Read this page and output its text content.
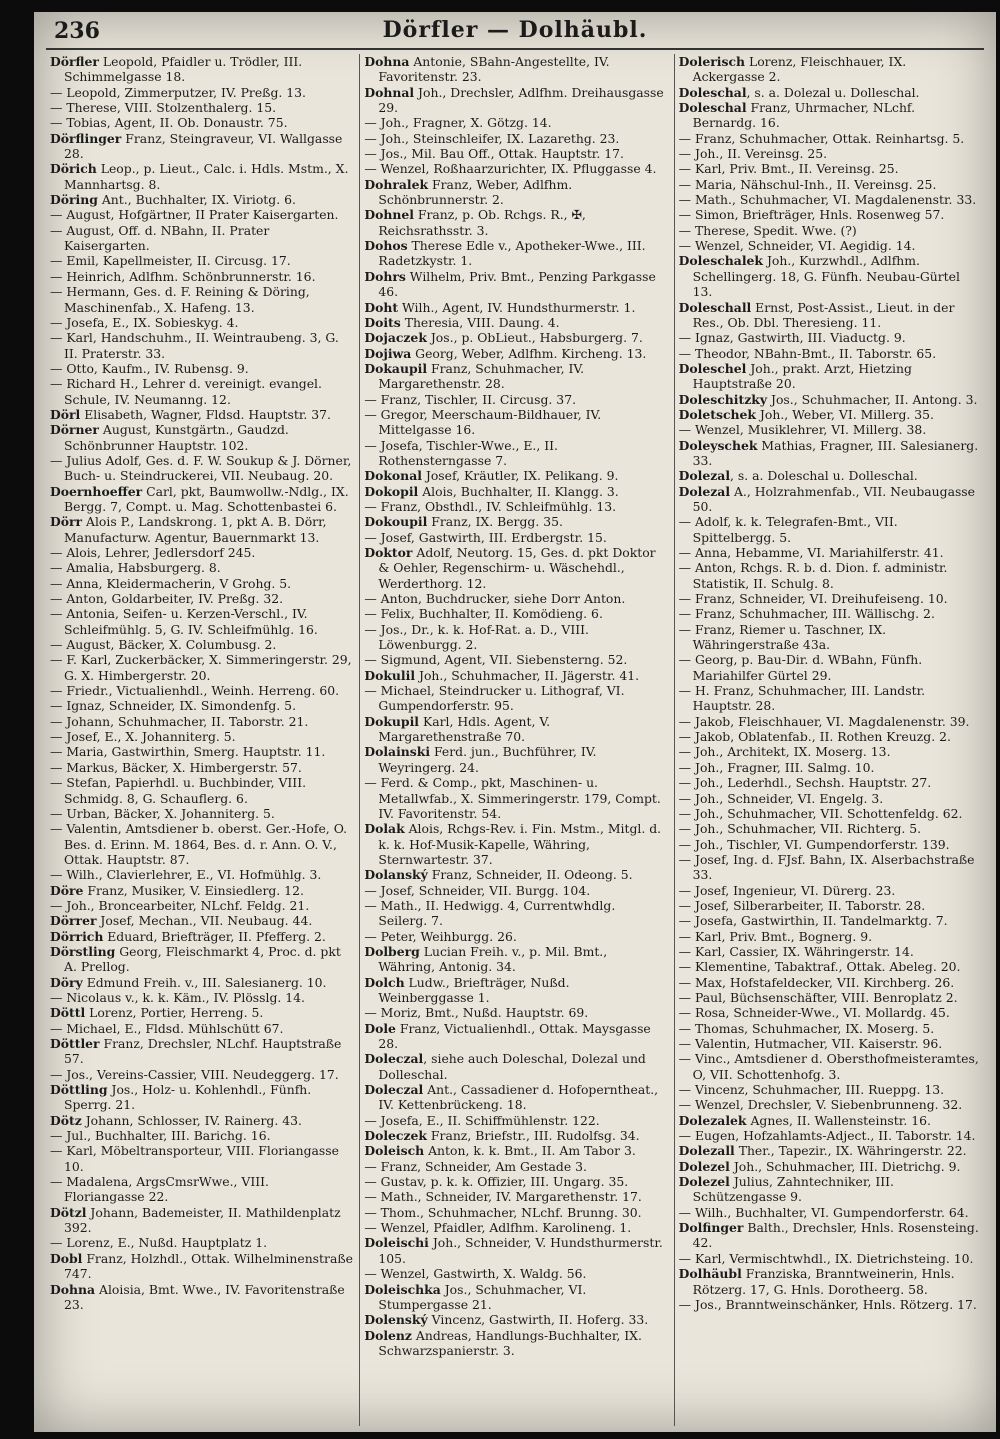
236	Dörfler — Dolhäubl.

Dörfler Leopold, Pfaidler u. Trödler, III. Schimmelgasse 18.

— Leopold, Zimmerputzer, IV. Preßg. 13.

— Therese, VIII. Stolzenthalerg. 15.

— Tobias, Agent, II. Ob. Donaustr. 75.

Dörflinger Franz, Steingraveur, VI. Wallgasse 28.

Dörich Leop., p. Lieut., Calc. i. Hdls. Mstm., X. Mannhartsg. 8.

Döring Ant., Buchhalter, IX. Viriotg. 6.

— August, Hofgärtner, II Prater Kaisergarten.

— August, Off. d. NBahn, II. Prater Kaisergarten.

— Emil, Kapellmeister, II. Circusg. 17.

— Heinrich, Adlfhm. Schönbrunnerstr. 16.

— Hermann, Ges. d. F. Reining & Döring, Maschinenfab., X. Hafeng. 13.

— Josefa, E., IX. Sobieskyg. 4.

— Karl, Handschuhm., II. Weintraubeng. 3, G. II. Praterstr. 33.

— Otto, Kaufm., IV. Rubensg. 9.

— Richard H., Lehrer d. vereinigt. evangel. Schule, IV. Neumanng. 12.

Dörl Elisabeth, Wagner, Fldsd. Hauptstr. 37.

Dörner August, Kunstgärtn., Gaudzd. Schönbrunner Hauptstr. 102.

— Julius Adolf, Ges. d. F. W. Soukup & J. Dörner, Buch- u. Steindruckerei, VII. Neubaug. 20.

Doernhoeffer Carl, pkt, Baumwollw.-Ndlg., IX. Bergg. 7, Compt. u. Mag. Schottenbastei 6.

Dörr Alois P., Landskrong. 1, pkt A. B. Dörr, Manufacturw. Agentur, Bauernmarkt 13.

— Alois, Lehrer, Jedlersdorf 245.

— Amalia, Habsburgerg. 8.

— Anna, Kleidermacherin, V Grohg. 5.

— Anton, Goldarbeiter, IV. Preßg. 32.

— Antonia, Seifen- u. Kerzen-Verschl., IV. Schleifmühlg. 5, G. IV. Schleifmühlg. 16.

— August, Bäcker, X. Columbusg. 2.

— F. Karl, Zuckerbäcker, X. Simmeringerstr. 29, G. X. Himbergerstr. 20.

— Friedr., Victualienhdl., Weinh. Herreng. 60.

— Ignaz, Schneider, IX. Simondenfg. 5.

— Johann, Schuhmacher, II. Taborstr. 21.

— Josef, E., X. Johanniterg. 5.

— Maria, Gastwirthin, Smerg. Hauptstr. 11.

— Markus, Bäcker, X. Himbergerstr. 57.

— Stefan, Papierhdl. u. Buchbinder, VIII. Schmidg. 8, G. Schauflerg. 6.

— Urban, Bäcker, X. Johanniterg. 5.

— Valentin, Amtsdiener b. oberst. Ger.-Hofe, O. Bes. d. Erinn. M. 1864, Bes. d. r. Ann. O. V., Ottak. Hauptstr. 87.

— Wilh., Clavierlehrer, E., VI. Hofmühlg. 3.

Döre Franz, Musiker, V. Einsiedlerg. 12.

— Joh., Broncearbeiter, NLchf. Feldg. 21.

Dörrer Josef, Mechan., VII. Neubaug. 44.

Dörrich Eduard, Briefträger, II. Pfefferg. 2.

Dörstling Georg, Fleischmarkt 4, Proc. d. pkt A. Prellog.

Döry Edmund Freih. v., III. Salesianerg. 10.

— Nicolaus v., k. k. Käm., IV. Plösslg. 14.

Döttl Lorenz, Portier, Herreng. 5.

— Michael, E., Fldsd. Mühlschütt 67.

Döttler Franz, Drechsler, NLchf. Hauptstraße 57.

— Jos., Vereins-Cassier, VIII. Neudeggerg. 17.

Döttling Jos., Holz- u. Kohlenhdl., Fünfh. Sperrg. 21.

Dötz Johann, Schlosser, IV. Rainerg. 43.

— Jul., Buchhalter, III. Barichg. 16.

— Karl, Möbeltransporteur, VIII. Floriangasse 10.

— Madalena, ArgsCmsrWwe., VIII. Floriangasse 22.

Dötzl Johann, Bademeister, II. Mathildenplatz 392.

— Lorenz, E., Nußd. Hauptplatz 1.

Dobl Franz, Holzhdl., Ottak. Wilhelminenstraße 747.

Dohna Aloisia, Bmt. Wwe., IV. Favoritenstraße 23.

Dohna Antonie, SBahn-Angestellte, IV. Favoritenstr. 23.

Dohnal Joh., Drechsler, Adlfhm. Dreihausgasse 29.

— Joh., Fragner, X. Götzg. 14.

— Joh., Steinschleifer, IX. Lazarethg. 23.

— Jos., Mil. Bau Off., Ottak. Hauptstr. 17.

— Wenzel, Roßhaarzurichter, IX. Pfluggasse 4.

Dohralek Franz, Weber, Adlfhm. Schönbrunnerstr. 2.

Dohnel Franz, p. Ob. Rchgs. R., ✠, Reichsrathsstr. 3.

Dohos Therese Edle v., Apotheker-Wwe., III. Radetzkystr. 1.

Dohrs Wilhelm, Priv. Bmt., Penzing Parkgasse 46.

Doht Wilh., Agent, IV. Hundsthurmerstr. 1.

Doits Theresia, VIII. Daung. 4.

Dojaczek Jos., p. ObLieut., Habsburgerg. 7.

Dojiwa Georg, Weber, Adlfhm. Kircheng. 13.

Dokaupil Franz, Schuhmacher, IV. Margarethenstr. 28.

— Franz, Tischler, II. Circusg. 37.

— Gregor, Meerschaum-Bildhauer, IV. Mittelgasse 16.

— Josefa, Tischler-Wwe., E., II. Rothensterngasse 7.

Dokonal Josef, Kräutler, IX. Pelikang. 9.

Dokopil Alois, Buchhalter, II. Klangg. 3.

— Franz, Obsthdl., IV. Schleifmühlg. 13.

Dokoupil Franz, IX. Bergg. 35.

— Josef, Gastwirth, III. Erdbergstr. 15.

Doktor Adolf, Neutorg. 15, Ges. d. pkt Doktor & Oehler, Regenschirm- u. Wäschehdl., Werderthorg. 12.

— Anton, Buchdrucker, siehe Dorr Anton.

— Felix, Buchhalter, II. Komödieng. 6.

— Jos., Dr., k. k. Hof-Rat. a. D., VIII. Löwenburgg. 2.

— Sigmund, Agent, VII. Siebensterng. 52.

Dokulil Joh., Schuhmacher, II. Jägerstr. 41.

— Michael, Steindrucker u. Lithograf, VI. Gumpendorferstr. 95.

Dokupil Karl, Hdls. Agent, V. Margarethenstraße 70.

Dolainski Ferd. jun., Buchführer, IV. Weyringerg. 24.

— Ferd. & Comp., pkt, Maschinen- u. Metallwfab., X. Simmeringerstr. 179, Compt. IV. Favoritenstr. 54.

Dolak Alois, Rchgs-Rev. i. Fin. Mstm., Mitgl. d. k. k. Hof-Musik-Kapelle, Währing, Sternwartestr. 37.

Dolanský Franz, Schneider, II. Odeong. 5.

— Josef, Schneider, VII. Burgg. 104.

— Math., II. Hedwigg. 4, Currentwhdlg. Seilerg. 7.

— Peter, Weihburgg. 26.

Dolberg Lucian Freih. v., p. Mil. Bmt., Währing, Antonig. 34.

Dolch Ludw., Briefträger, Nußd. Weinberggasse 1.

— Moriz, Bmt., Nußd. Hauptstr. 69.

Dole Franz, Victualienhdl., Ottak. Maysgasse 28.

Doleczal, siehe auch Doleschal, Dolezal und Dolleschal.

Doleczal Ant., Cassadiener d. Hofoperntheat., IV. Kettenbrückeng. 18.

— Josefa, E., II. Schiffmühlenstr. 122.

Doleczek Franz, Briefstr., III. Rudolfsg. 34.

Doleisch Anton, k. k. Bmt., II. Am Tabor 3.

— Franz, Schneider, Am Gestade 3.

— Gustav, p. k. k. Offizier, III. Ungarg. 35.

— Math., Schneider, IV. Margarethenstr. 17.

— Thom., Schuhmacher, NLchf. Brunng. 30.

— Wenzel, Pfaidler, Adlfhm. Karolineng. 1.

Doleischi Joh., Schneider, V. Hundsthurmerstr. 105.

— Wenzel, Gastwirth, X. Waldg. 56.

Doleischka Jos., Schuhmacher, VI. Stumpergasse 21.

Dolenský Vincenz, Gastwirth, II. Hoferg. 33.

Dolenz Andreas, Handlungs-Buchhalter, IX. Schwarzspanierstr. 3.

Dolerisch Lorenz, Fleischhauer, IX. Ackergasse 2.

Doleschal, s. a. Dolezal u. Dolleschal.

Doleschal Franz, Uhrmacher, NLchf. Bernardg. 16.

— Franz, Schuhmacher, Ottak. Reinhartsg. 5.

— Joh., II. Vereinsg. 25.

— Karl, Priv. Bmt., II. Vereinsg. 25.

— Maria, Nähschul-Inh., II. Vereinsg. 25.

— Math., Schuhmacher, VI. Magdalenenstr. 33.

— Simon, Briefträger, Hnls. Rosenweg 57.

— Therese, Spedit. Wwe. (?)

— Wenzel, Schneider, VI. Aegidig. 14.

Doleschalek Joh., Kurzwhdl., Adlfhm. Schellingerg. 18, G. Fünfh. Neubau-Gürtel 13.

Doleschall Ernst, Post-Assist., Lieut. in der Res., Ob. Dbl. Theresieng. 11.

— Ignaz, Gastwirth, III. Viaductg. 9.

— Theodor, NBahn-Bmt., II. Taborstr. 65.

Doleschel Joh., prakt. Arzt, Hietzing Hauptstraße 20.

Doleschitzky Jos., Schuhmacher, II. Antong. 3.

Doletschek Joh., Weber, VI. Millerg. 35.

— Wenzel, Musiklehrer, VI. Millerg. 38.

Doleyschek Mathias, Fragner, III. Salesianerg. 33.

Dolezal, s. a. Doleschal u. Dolleschal.

Dolezal A., Holzrahmenfab., VII. Neubaugasse 50.

— Adolf, k. k. Telegrafen-Bmt., VII. Spittelbergg. 5.

— Anna, Hebamme, VI. Mariahilferstr. 41.

— Anton, Rchgs. R. b. d. Dion. f. administr. Statistik, II. Schulg. 8.

— Franz, Schneider, VI. Dreihufeiseng. 10.

— Franz, Schuhmacher, III. Wällischg. 2.

— Franz, Riemer u. Taschner, IX. Währingerstraße 43a.

— Georg, p. Bau-Dir. d. WBahn, Fünfh. Mariahilfer Gürtel 29.

— H. Franz, Schuhmacher, III. Landstr. Hauptstr. 28.

— Jakob, Fleischhauer, VI. Magdalenenstr. 39.

— Jakob, Oblatenfab., II. Rothen Kreuzg. 2.

— Joh., Architekt, IX. Moserg. 13.

— Joh., Fragner, III. Salmg. 10.

— Joh., Lederhdl., Sechsh. Hauptstr. 27.

— Joh., Schneider, VI. Engelg. 3.

— Joh., Schuhmacher, VII. Schottenfeldg. 62.

— Joh., Schuhmacher, VII. Richterg. 5.

— Joh., Tischler, VI. Gumpendorferstr. 139.

— Josef, Ing. d. FJsf. Bahn, IX. Alserbachstraße 33.

— Josef, Ingenieur, VI. Dürerg. 23.

— Josef, Silberarbeiter, II. Taborstr. 28.

— Josefa, Gastwirthin, II. Tandelmarktg. 7.

— Karl, Priv. Bmt., Bognerg. 9.

— Karl, Cassier, IX. Währingerstr. 14.

— Klementine, Tabaktraf., Ottak. Abeleg. 20.

— Max, Hofstafeldecker, VII. Kirchberg. 26.

— Paul, Büchsenschäfter, VIII. Benroplatz 2.

— Rosa, Schneider-Wwe., VI. Mollardg. 45.

— Thomas, Schuhmacher, IX. Moserg. 5.

— Valentin, Hutmacher, VII. Kaiserstr. 96.

— Vinc., Amtsdiener d. Obersthofmeisteramtes, O, VII. Schottenhofg. 3.

— Vincenz, Schuhmacher, III. Rueppg. 13.

— Wenzel, Drechsler, V. Siebenbrunneng. 32.

Dolezalek Agnes, II. Wallensteinstr. 16.

— Eugen, Hofzahlamts-Adject., II. Taborstr. 14.

Dolezall Ther., Tapezir., IX. Währingerstr. 22.

Dolezel Joh., Schuhmacher, III. Dietrichg. 9.

Dolezel Julius, Zahntechniker, III. Schützengasse 9.

— Wilh., Buchhalter, VI. Gumpendorferstr. 64.

Dolfinger Balth., Drechsler, Hnls. Rosensteing. 42.

— Karl, Vermischtwhdl., IX. Dietrichsteing. 10.

Dolhäubl Franziska, Branntweinerin, Hnls. Rötzerg. 17, G. Hnls. Dorotheerg. 58.

— Jos., Branntweinschänker, Hnls. Rötzerg. 17.
